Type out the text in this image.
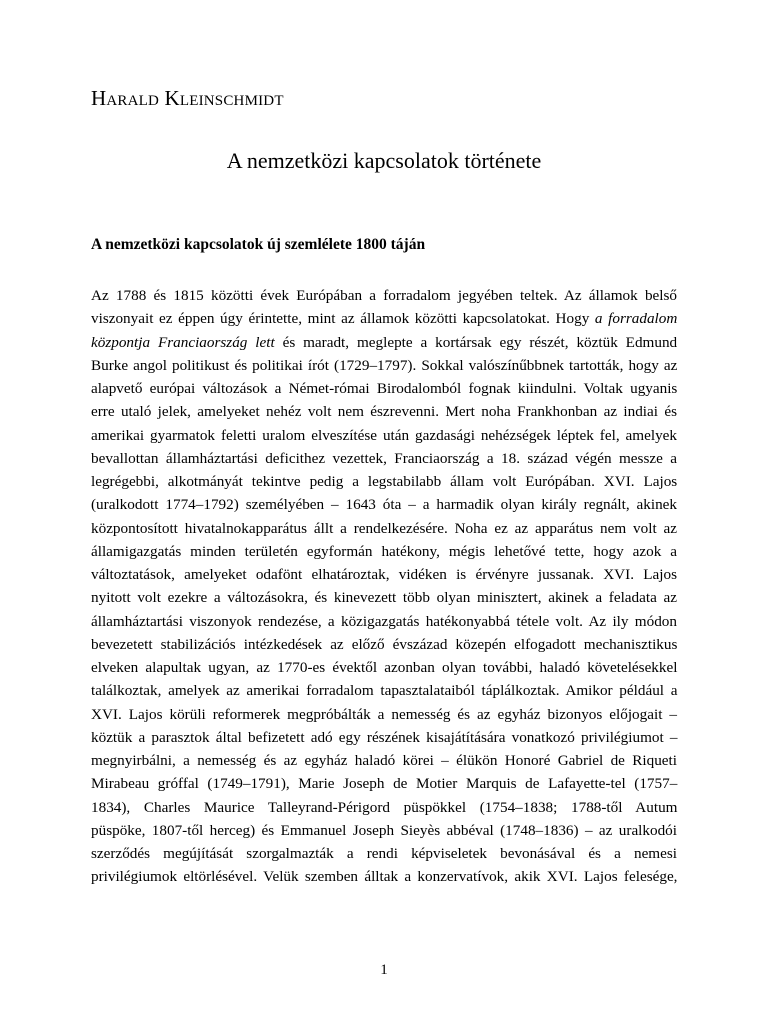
Harald Kleinschmidt
A nemzetközi kapcsolatok története
A nemzetközi kapcsolatok új szemlélete 1800 táján
Az 1788 és 1815 közötti évek Európában a forradalom jegyében teltek. Az államok belső
viszonyait ez éppen úgy érintette, mint az államok közötti kapcsolatokat. Hogy a forradalom
központja Franciaország lett és maradt, meglepte a kortársak egy részét, köztük Edmund
Burke angol politikust és politikai írót (1729–1797). Sokkal valószínűbbnek tartották, hogy az
alapvető európai változások a Német-római Birodalomból fognak kiindulni. Voltak ugyanis
erre utaló jelek, amelyeket nehéz volt nem észrevenni. Mert noha Frankhonban az indiai és
amerikai gyarmatok feletti uralom elveszítése után gazdasági nehézségek léptek fel, amelyek
bevallottan államháztartási deficithez vezettek, Franciaország a 18. század végén messze a
legrégebbi, alkotmányát tekintve pedig a legstabilabb állam volt Európában. XVI. Lajos
(uralkodott 1774–1792) személyében – 1643 óta – a harmadik olyan király regnált, akinek
központosított hivatalnokapparátus állt a rendelkezésére. Noha ez az apparátus nem volt az
államigazgatás minden területén egyformán hatékony, mégis lehetővé tette, hogy azok a
változtatások, amelyeket odafönt elhatároztak, vidéken is érvényre jussanak. XVI. Lajos
nyitott volt ezekre a változásokra, és kinevezett több olyan minisztert, akinek a feladata az
államháztartási viszonyok rendezése, a közigazgatás hatékonyabbá tétele volt. Az ily módon
bevezetett stabilizációs intézkedések az előző évszázad közepén elfogadott mechanisztikus
elveken alapultak ugyan, az 1770-es évektől azonban olyan további, haladó követelésekkel
találkoztak, amelyek az amerikai forradalom tapasztalataiból táplálkoztak. Amikor például a
XVI. Lajos körüli reformerek megpróbálták a nemesség és az egyház bizonyos előjogait –
köztük a parasztok által befizetett adó egy részének kisajátítására vonatkozó privilégiumot –
megnyirbálni, a nemesség és az egyház haladó körei – élükön Honoré Gabriel de Riqueti
Mirabeau gróffal (1749–1791), Marie Joseph de Motier Marquis de Lafayette-tel (1757–
1834), Charles Maurice Talleyrand-Périgord püspökkel (1754–1838; 1788-től Autum
püspöke, 1807-től herceg) és Emmanuel Joseph Sieyès abbéval (1748–1836) – az uralkodói
szerződés megújítását szorgalmazták a rendi képviseletek bevonásával és a nemesi
privilégiumok eltörlésével. Velük szemben álltak a konzervatívok, akik XVI. Lajos felesége,
1
